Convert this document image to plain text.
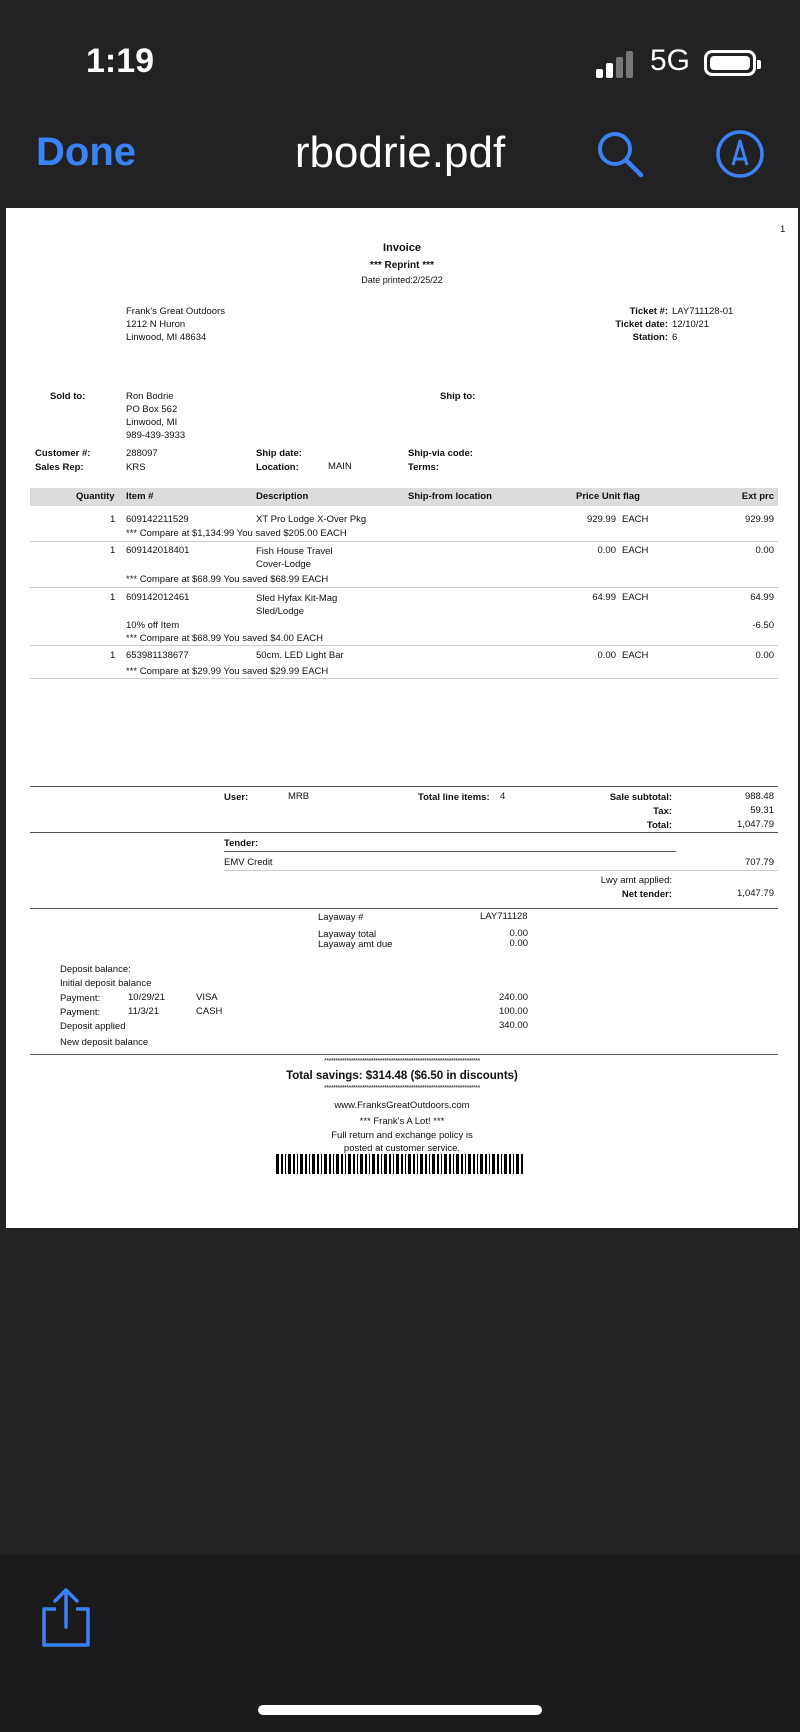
1:19	5G
Done	rbodrie.pdf
1
Invoice
*** Reprint ***
Date printed:2/25/22
Frank's Great Outdoors
1212 N Huron
Linwood, MI 48634
Ticket #: LAY711128-01
Ticket date: 12/10/21
Station: 6
Sold to:	Ron Bodrie
PO Box 562
Linwood, MI
989-439-3933
Ship to:
Customer #:	288097
Sales Rep:	KRS
Ship date:
Location:	MAIN
Ship-via code:
Terms:
Quantity Item #	Description	Ship-from location	Price Unit flag	Ext prc
1 609142211529	XT Pro Lodge X-Over Pkg	929.99 EACH	929.99
*** Compare at $1,134.99 You saved $205.00 EACH
1 609142018401	Fish House Travel
Cover-Lodge
0.00 EACH	0.00
*** Compare at $68.99 You saved $68.99 EACH
1 609142012461	Sled Hyfax Kit-Mag
Sled/Lodge
64.99 EACH	64.99
10% off Item	-6.50
*** Compare at $68.99 You saved $4.00 EACH
1 653981138677	50cm. LED Light Bar	0.00 EACH	0.00
*** Compare at $29.99 You saved $29.99 EACH
User:	MRB	Total line items: 4	Sale subtotal:	988.48
Tax:	59.31
Total:	1,047.79
Tender:
EMV Credit	707.79
Lwy amt applied:
Net tender:	1,047.79
Layaway #	LAY711128
Layaway total	0.00
Layaway amt due	0.00
Deposit balance:
Initial deposit balance
Payment:	10/29/21	VISA	240.00
Payment:	11/3/21	CASH	100.00
Deposit applied	340.00
New deposit balance
**********************************************************************
Total savings: $314.48 ($6.50 in discounts)
**********************************************************************
www.FranksGreatOutdoors.com
*** Frank's A Lot! ***
Full return and exchange policy is
posted at customer service.
